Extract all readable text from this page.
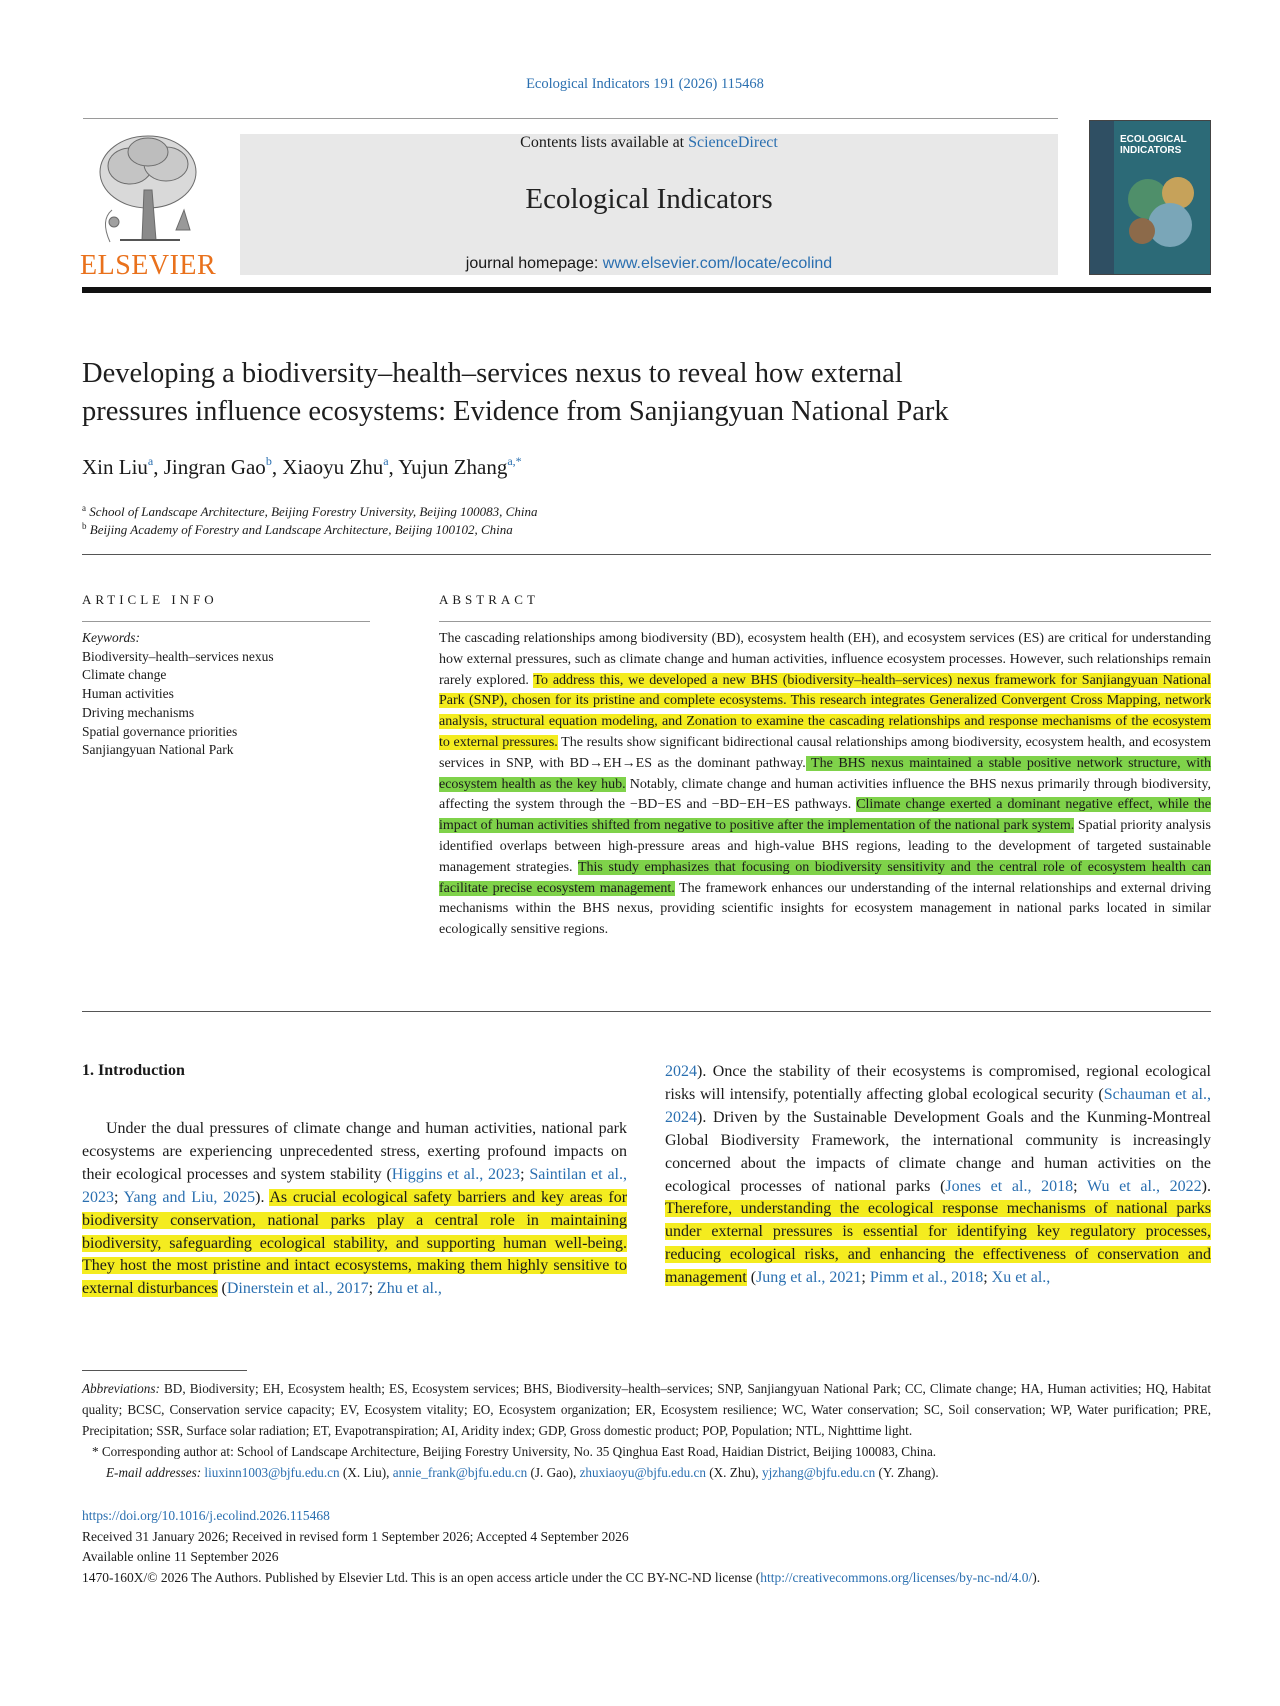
Ecological Indicators 191 (2026) 115468
ELSEVIER
Contents lists available at ScienceDirect
Ecological Indicators
journal homepage: www.elsevier.com/locate/ecolind
ECOLOGICAL INDICATORS
Developing a biodiversity–health–services nexus to reveal how external
pressures influence ecosystems: Evidence from Sanjiangyuan National Park
Xin Liu$^a$, Jingran Gao$^b$, Xiaoyu Zhu$^a$, Yujun Zhang$^{a,*}$
$^a$ School of Landscape Architecture, Beijing Forestry University, Beijing 100083, China
$^b$ Beijing Academy of Forestry and Landscape Architecture, Beijing 100102, China
ARTICLE INFO
Keywords:
Biodiversity–health–services nexus
Climate change
Human activities
Driving mechanisms
Spatial governance priorities
Sanjiangyuan National Park
ABSTRACT
The cascading relationships among biodiversity (BD), ecosystem health (EH), and ecosystem services (ES) are critical for understanding how external pressures, such as climate change and human activities, influence ecosystem processes. However, such relationships remain rarely explored. To address this, we developed a new BHS (biodiversity–health–services) nexus framework for Sanjiangyuan National Park (SNP), chosen for its pristine and complete ecosystems. This research integrates Generalized Convergent Cross Mapping, network analysis, structural equation modeling, and Zonation to examine the cascading relationships and response mechanisms of the ecosystem to external pressures. The results show significant bidirectional causal relationships among biodiversity, ecosystem health, and ecosystem services in SNP, with BD→EH→ES as the dominant pathway. The BHS nexus maintained a stable positive network structure, with ecosystem health as the key hub. Notably, climate change and human activities influence the BHS nexus primarily through biodiversity, affecting the system through the −BD−ES and −BD−EH−ES pathways. Climate change exerted a dominant negative effect, while the impact of human activities shifted from negative to positive after the implementation of the national park system. Spatial priority analysis identified overlaps between high-pressure areas and high-value BHS regions, leading to the development of targeted sustainable management strategies. This study emphasizes that focusing on biodiversity sensitivity and the central role of ecosystem health can facilitate precise ecosystem management. The framework enhances our understanding of the internal relationships and external driving mechanisms within the BHS nexus, providing scientific insights for ecosystem management in national parks located in similar ecologically sensitive regions.
1. Introduction
Under the dual pressures of climate change and human activities, national park ecosystems are experiencing unprecedented stress, exerting profound impacts on their ecological processes and system stability (Higgins et al., 2023; Saintilan et al., 2023; Yang and Liu, 2025). As crucial ecological safety barriers and key areas for biodiversity conservation, national parks play a central role in maintaining biodiversity, safeguarding ecological stability, and supporting human well-being. They host the most pristine and intact ecosystems, making them highly sensitive to external disturbances (Dinerstein et al., 2017; Zhu et al.,
2024). Once the stability of their ecosystems is compromised, regional ecological risks will intensify, potentially affecting global ecological security (Schauman et al., 2024). Driven by the Sustainable Development Goals and the Kunming-Montreal Global Biodiversity Framework, the international community is increasingly concerned about the impacts of climate change and human activities on the ecological processes of national parks (Jones et al., 2018; Wu et al., 2022). Therefore, understanding the ecological response mechanisms of national parks under external pressures is essential for identifying key regulatory processes, reducing ecological risks, and enhancing the effectiveness of conservation and management (Jung et al., 2021; Pimm et al., 2018; Xu et al.,
Abbreviations: BD, Biodiversity; EH, Ecosystem health; ES, Ecosystem services; BHS, Biodiversity–health–services; SNP, Sanjiangyuan National Park; CC, Climate change; HA, Human activities; HQ, Habitat quality; BCSC, Conservation service capacity; EV, Ecosystem vitality; EO, Ecosystem organization; ER, Ecosystem resilience; WC, Water conservation; SC, Soil conservation; WP, Water purification; PRE, Precipitation; SSR, Surface solar radiation; ET, Evapotranspiration; AI, Aridity index; GDP, Gross domestic product; POP, Population; NTL, Nighttime light.
* Corresponding author at: School of Landscape Architecture, Beijing Forestry University, No. 35 Qinghua East Road, Haidian District, Beijing 100083, China.
E-mail addresses: liuxinn1003@bjfu.edu.cn (X. Liu), annie_frank@bjfu.edu.cn (J. Gao), zhuxiaoyu@bjfu.edu.cn (X. Zhu), yjzhang@bjfu.edu.cn (Y. Zhang).
https://doi.org/10.1016/j.ecolind.2026.115468
Received 31 January 2026; Received in revised form 1 September 2026; Accepted 4 September 2026
Available online 11 September 2026
1470-160X/© 2026 The Authors. Published by Elsevier Ltd. This is an open access article under the CC BY-NC-ND license (http://creativecommons.org/licenses/by-nc-nd/4.0/).
